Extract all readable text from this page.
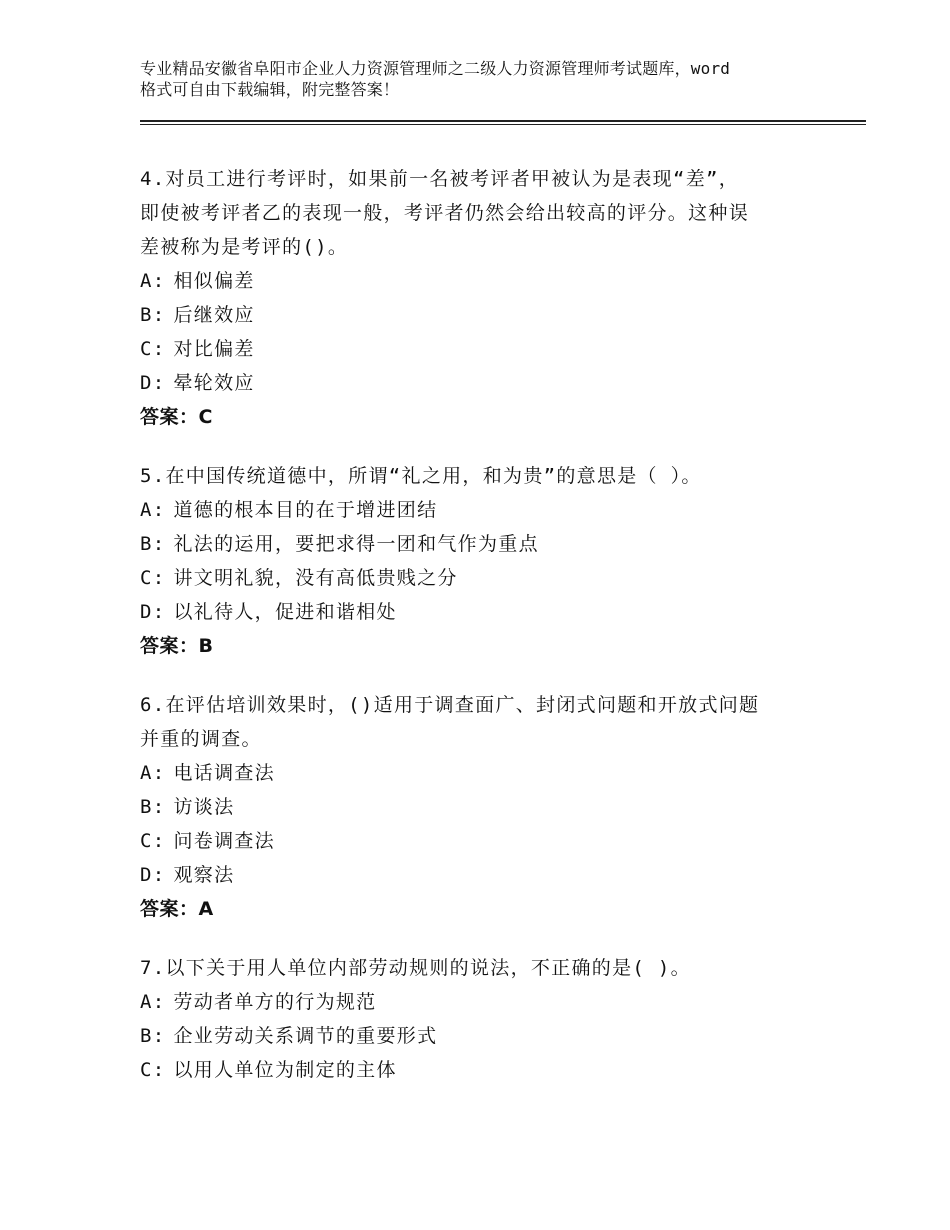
专业精品安徽省阜阳市企业人力资源管理师之二级人力资源管理师考试题库，word
格式可自由下载编辑，附完整答案！
4.对员工进行考评时，如果前一名被考评者甲被认为是表现“差”，
即使被考评者乙的表现一般，考评者仍然会给出较高的评分。这种误
差被称为是考评的()。
A: 相似偏差
B: 后继效应
C: 对比偏差
D: 晕轮效应
答案：C
5.在中国传统道德中，所谓“礼之用，和为贵”的意思是（ ）。
A: 道德的根本目的在于增进团结
B: 礼法的运用，要把求得一团和气作为重点
C: 讲文明礼貌，没有高低贵贱之分
D: 以礼待人，促进和谐相处
答案：B
6.在评估培训效果时，()适用于调查面广、封闭式问题和开放式问题
并重的调查。
A: 电话调查法
B: 访谈法
C: 问卷调查法
D: 观察法
答案：A
7.以下关于用人单位内部劳动规则的说法，不正确的是( )。
A: 劳动者单方的行为规范
B: 企业劳动关系调节的重要形式
C: 以用人单位为制定的主体
